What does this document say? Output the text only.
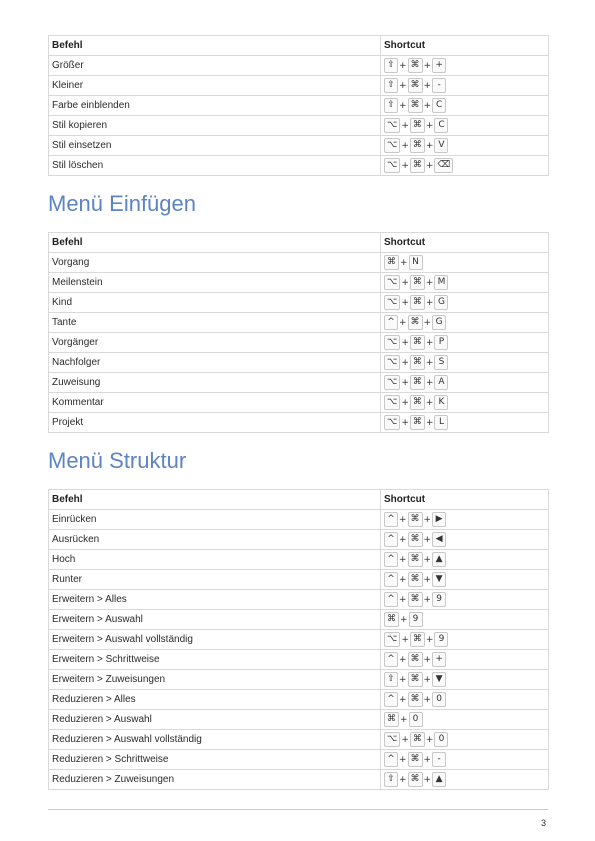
Befehl	Shortcut
Größer	⇧ + ⌘ + +

Kleiner	⇧ + ⌘ + -

Farbe einblenden	⇧ + ⌘ + C

Stil kopieren	⌥ + ⌘ + C

Stil einsetzen	⌥ + ⌘ + V

Stil löschen	⌥ + ⌘ + ⌫
Menü Einfügen
Befehl	Shortcut
Vorgang	⌘ + N

Meilenstein	⌥ + ⌘ + M

Kind	⌥ + ⌘ + G

Tante	^ + ⌘ + G

Vorgänger	⌥ + ⌘ + P

Nachfolger	⌥ + ⌘ + S

Zuweisung	⌥ + ⌘ + A

Kommentar	⌥ + ⌘ + K

Projekt	⌥ + ⌘ + L
Menü Struktur
Befehl	Shortcut
Einrücken	^ + ⌘ + ▶

Ausrücken	^ + ⌘ + ◀

Hoch	^ + ⌘ + ▲

Runter	^ + ⌘ + ▼

Erweitern > Alles	^ + ⌘ + 9

Erweitern > Auswahl	⌘ + 9

Erweitern > Auswahl vollständig	⌥ + ⌘ + 9

Erweitern > Schrittweise	^ + ⌘ + +

Erweitern > Zuweisungen	⇧ + ⌘ + ▼

Reduzieren > Alles	^ + ⌘ + 0

Reduzieren > Auswahl	⌘ + 0

Reduzieren > Auswahl vollständig	⌥ + ⌘ + 0

Reduzieren > Schrittweise	^ + ⌘ + -

Reduzieren > Zuweisungen	⇧ + ⌘ + ▲
3
